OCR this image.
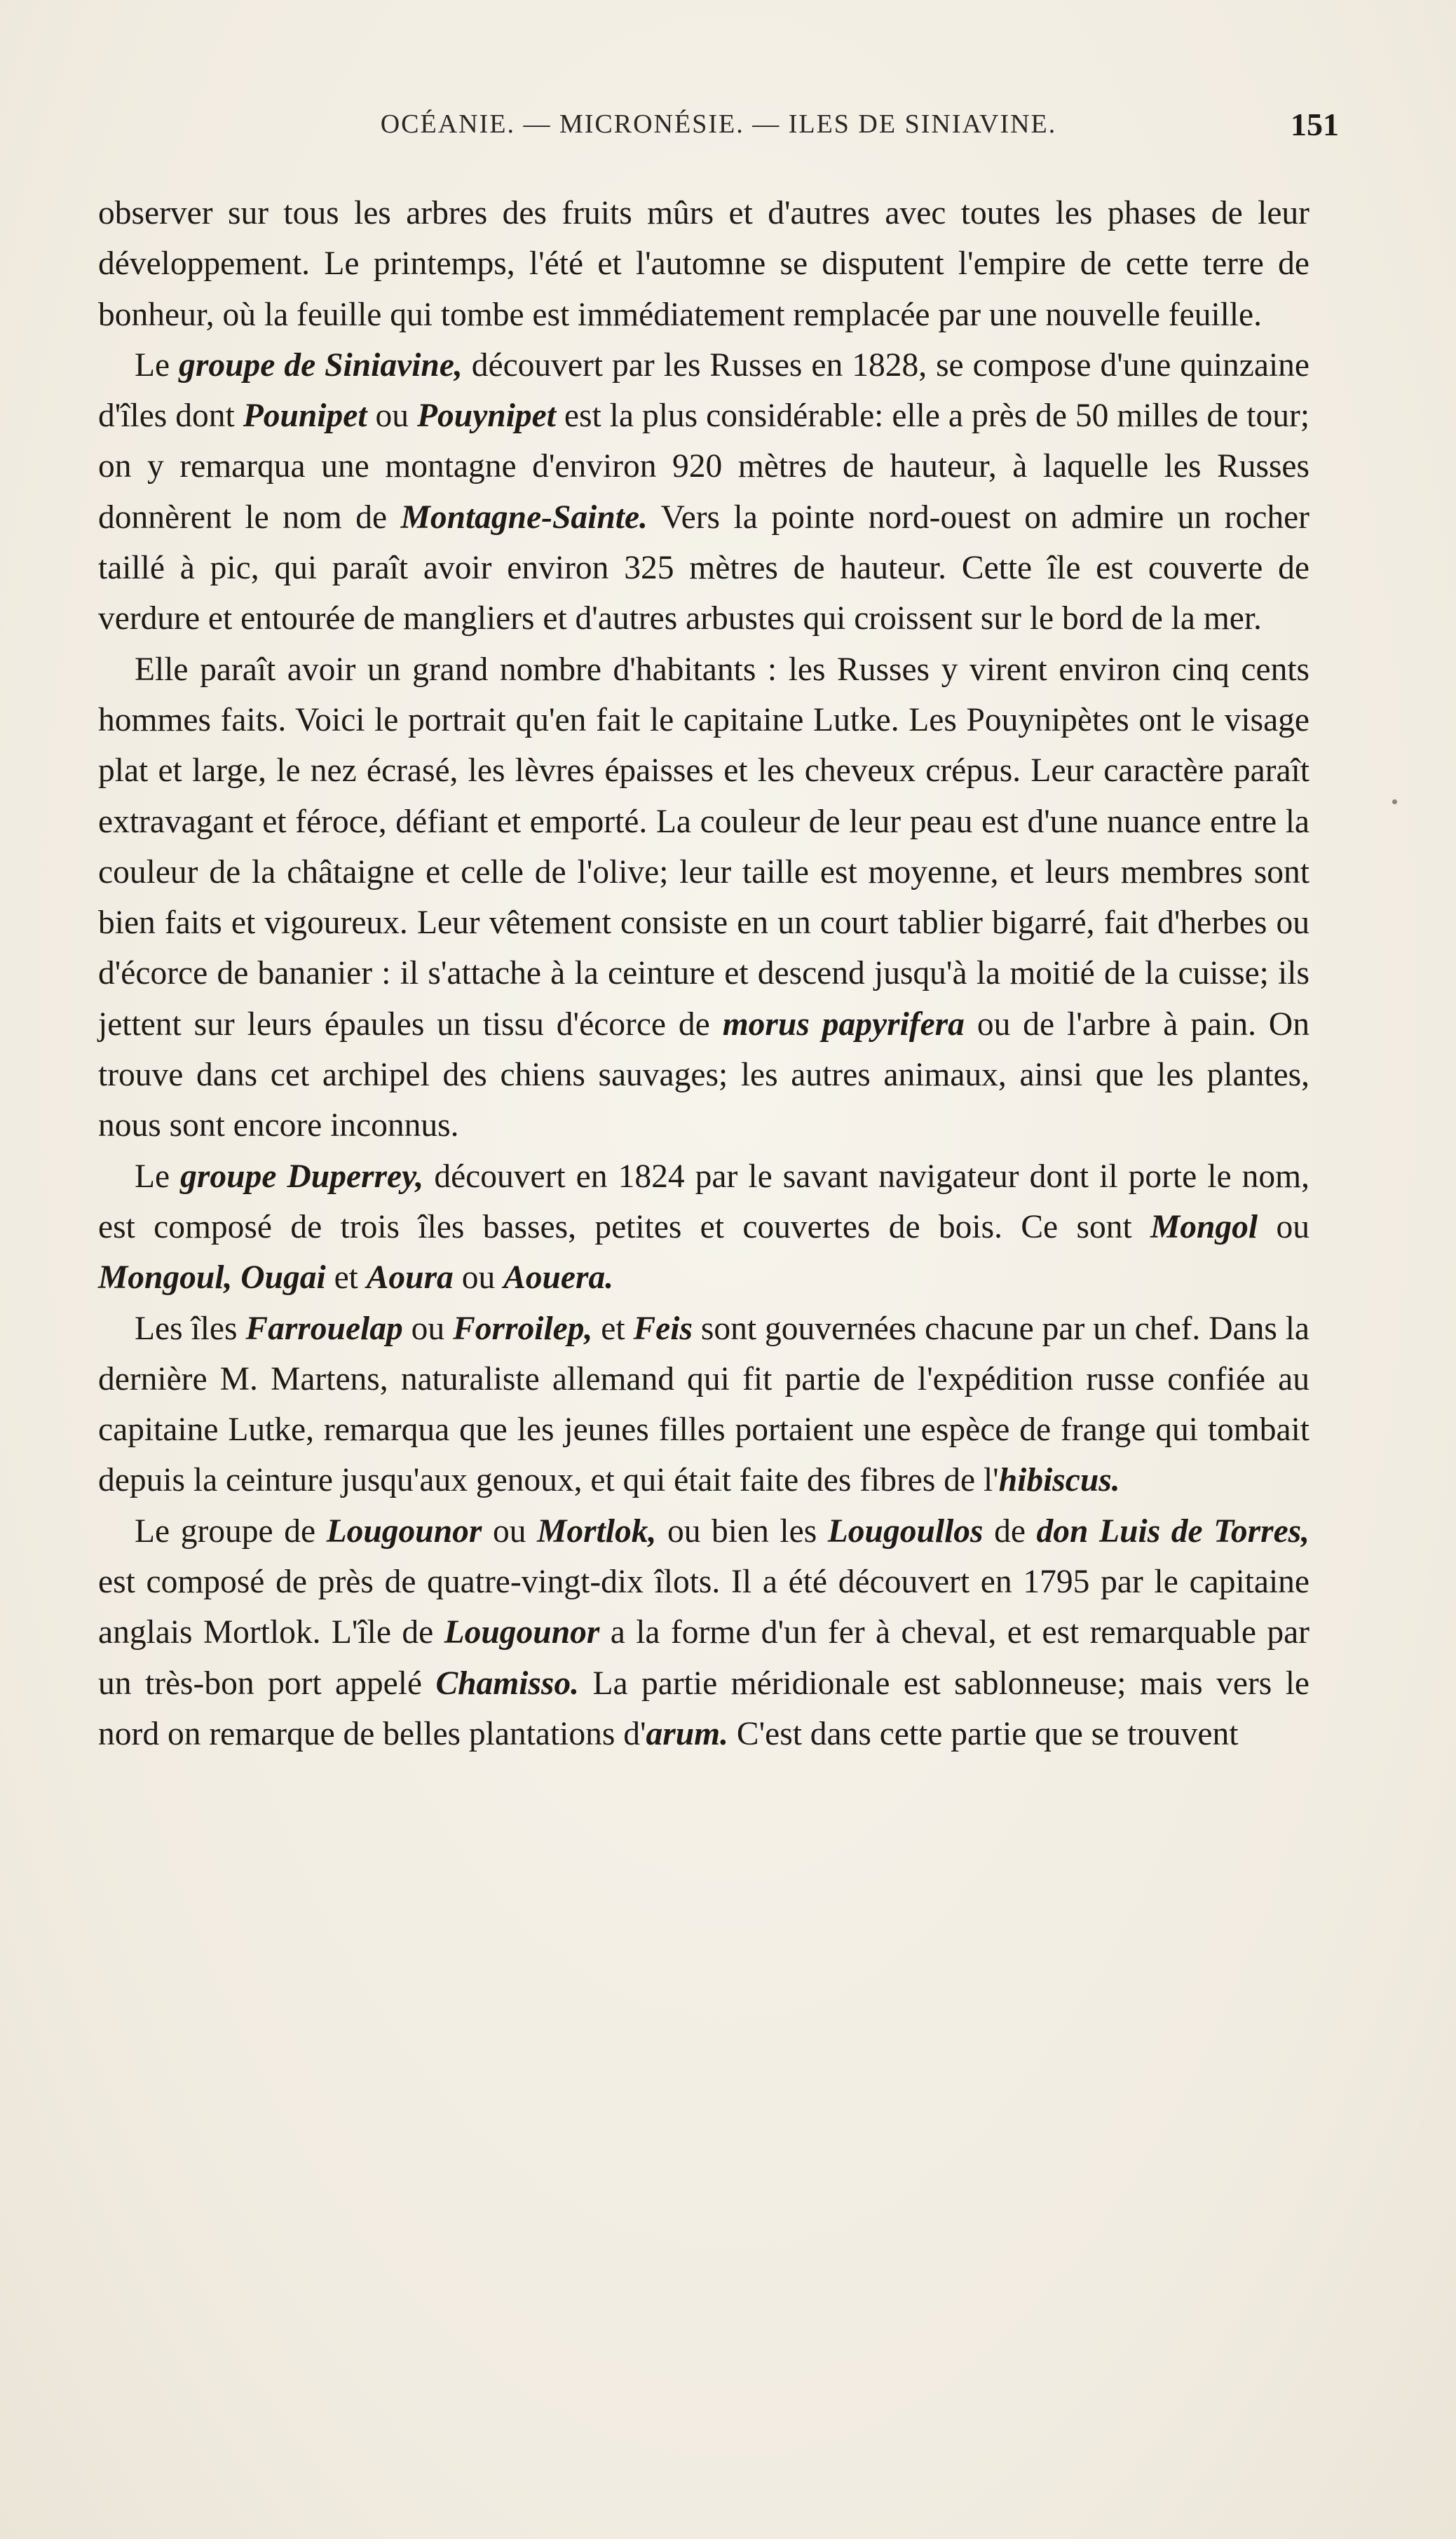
OCÉANIE. — MICRONÉSIE. — ILES DE SINIAVINE.	151

observer sur tous les arbres des fruits mûrs et d'autres avec toutes les phases de leur développement. Le printemps, l'été et l'automne se disputent l'empire de cette terre de bonheur, où la feuille qui tombe est immédiatement remplacée par une nouvelle feuille.

Le groupe de Siniavine, découvert par les Russes en 1828, se compose d'une quinzaine d'îles dont Pounipet ou Pouynipet est la plus considérable: elle a près de 50 milles de tour; on y remarqua une montagne d'environ 920 mètres de hauteur, à laquelle les Russes donnèrent le nom de Montagne-Sainte. Vers la pointe nord-ouest on admire un rocher taillé à pic, qui paraît avoir environ 325 mètres de hauteur. Cette île est couverte de verdure et entourée de mangliers et d'autres arbustes qui croissent sur le bord de la mer.

Elle paraît avoir un grand nombre d'habitants : les Russes y virent environ cinq cents hommes faits. Voici le portrait qu'en fait le capitaine Lutke. Les Pouynipètes ont le visage plat et large, le nez écrasé, les lèvres épaisses et les cheveux crépus. Leur caractère paraît extravagant et féroce, défiant et emporté. La couleur de leur peau est d'une nuance entre la couleur de la châtaigne et celle de l'olive; leur taille est moyenne, et leurs membres sont bien faits et vigoureux. Leur vêtement consiste en un court tablier bigarré, fait d'herbes ou d'écorce de bananier : il s'attache à la ceinture et descend jusqu'à la moitié de la cuisse; ils jettent sur leurs épaules un tissu d'écorce de morus papyrifera ou de l'arbre à pain. On trouve dans cet archipel des chiens sauvages; les autres animaux, ainsi que les plantes, nous sont encore inconnus.

Le groupe Duperrey, découvert en 1824 par le savant navigateur dont il porte le nom, est composé de trois îles basses, petites et couvertes de bois. Ce sont Mongol ou Mongoul, Ougai et Aoura ou Aouera.

Les îles Farrouelap ou Forroilep, et Feis sont gouvernées chacune par un chef. Dans la dernière M. Martens, naturaliste allemand qui fit partie de l'expédition russe confiée au capitaine Lutke, remarqua que les jeunes filles portaient une espèce de frange qui tombait depuis la ceinture jusqu'aux genoux, et qui était faite des fibres de l'hibiscus.

Le groupe de Lougounor ou Mortlok, ou bien les Lougoullos de don Luis de Torres, est composé de près de quatre-vingt-dix îlots. Il a été découvert en 1795 par le capitaine anglais Mortlok. L'île de Lougounor a la forme d'un fer à cheval, et est remarquable par un très-bon port appelé Chamisso. La partie méridionale est sablonneuse; mais vers le nord on remarque de belles plantations d'arum. C'est dans cette partie que se trouvent
